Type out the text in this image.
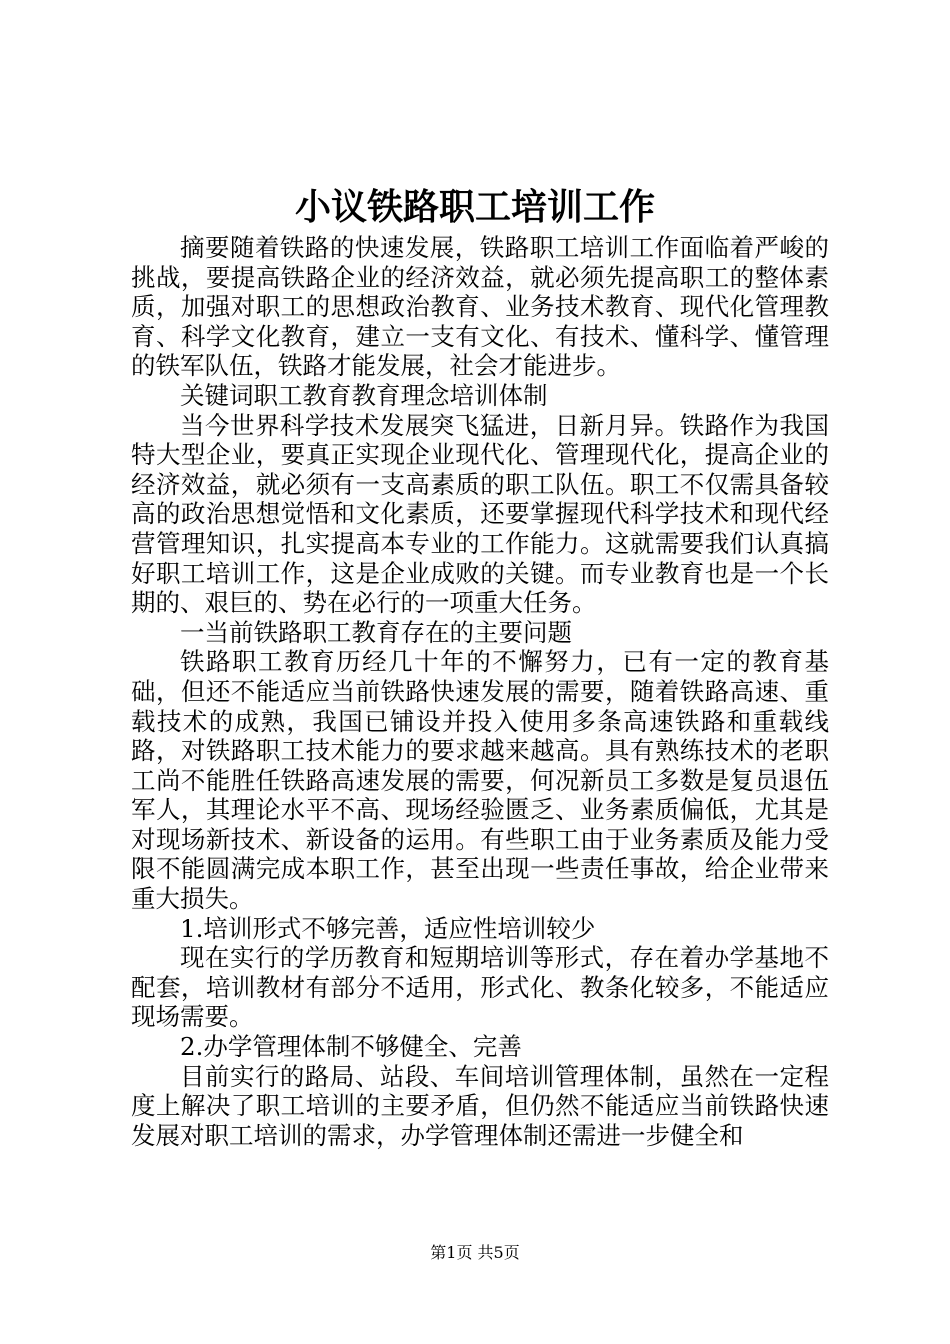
小议铁路职工培训工作

摘要随着铁路的快速发展，铁路职工培训工作面临着严峻的挑战，要提高铁路企业的经济效益，就必须先提高职工的整体素质，加强对职工的思想政治教育、业务技术教育、现代化管理教育、科学文化教育，建立一支有文化、有技术、懂科学、懂管理的铁军队伍，铁路才能发展，社会才能进步。

关键词职工教育教育理念培训体制

当今世界科学技术发展突飞猛进，日新月异。铁路作为我国特大型企业，要真正实现企业现代化、管理现代化，提高企业的经济效益，就必须有一支高素质的职工队伍。职工不仅需具备较高的政治思想觉悟和文化素质，还要掌握现代科学技术和现代经营管理知识，扎实提高本专业的工作能力。这就需要我们认真搞好职工培训工作，这是企业成败的关键。而专业教育也是一个长期的、艰巨的、势在必行的一项重大任务。

一当前铁路职工教育存在的主要问题

铁路职工教育历经几十年的不懈努力，已有一定的教育基础，但还不能适应当前铁路快速发展的需要，随着铁路高速、重载技术的成熟，我国已铺设并投入使用多条高速铁路和重载线路，对铁路职工技术能力的要求越来越高。具有熟练技术的老职工尚不能胜任铁路高速发展的需要，何况新员工多数是复员退伍军人，其理论水平不高、现场经验匮乏、业务素质偏低，尤其是对现场新技术、新设备的运用。有些职工由于业务素质及能力受限不能圆满完成本职工作，甚至出现一些责任事故，给企业带来重大损失。

1.培训形式不够完善，适应性培训较少

现在实行的学历教育和短期培训等形式，存在着办学基地不配套，培训教材有部分不适用，形式化、教条化较多，不能适应现场需要。

2.办学管理体制不够健全、完善

目前实行的路局、站段、车间培训管理体制，虽然在一定程度上解决了职工培训的主要矛盾，但仍然不能适应当前铁路快速发展对职工培训的需求，办学管理体制还需进一步健全和

第1页 共5页
